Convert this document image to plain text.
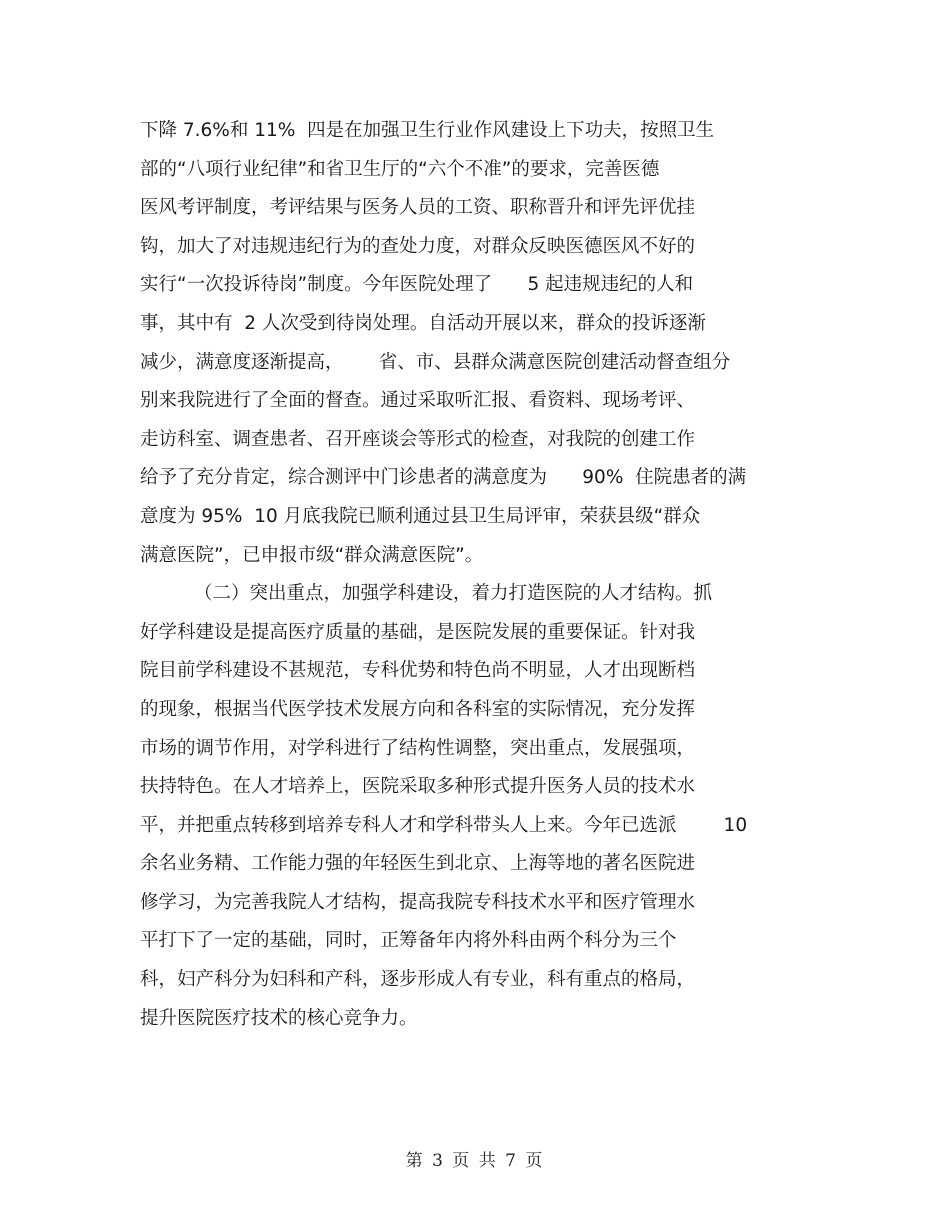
下降 7.6%和 11%  四是在加强卫生行业作风建设上下功夫，按照卫生
部的“八项行业纪律”和省卫生厅的“六个不准”的要求，完善医德
医风考评制度，考评结果与医务人员的工资、职称晋升和评先评优挂
钩，加大了对违规违纪行为的查处力度，对群众反映医德医风不好的
实行“一次投诉待岗”制度。今年医院处理了      5 起违规违纪的人和
事，其中有  2 人次受到待岗处理。自活动开展以来，群众的投诉逐渐
减少，满意度逐渐提高，      省、市、县群众满意医院创建活动督查组分
别来我院进行了全面的督查。通过采取听汇报、看资料、现场考评、
走访科室、调查患者、召开座谈会等形式的检查，对我院的创建工作
给予了充分肯定，综合测评中门诊患者的满意度为      90%  住院患者的满
意度为 95%  10 月底我院已顺利通过县卫生局评审，荣获县级“群众
满意医院”，已申报市级“群众满意医院”。
（二）突出重点，加强学科建设，着力打造医院的人才结构。抓
好学科建设是提高医疗质量的基础，是医院发展的重要保证。针对我
院目前学科建设不甚规范，专科优势和特色尚不明显，人才出现断档
的现象，根据当代医学技术发展方向和各科室的实际情况，充分发挥
市场的调节作用，对学科进行了结构性调整，突出重点，发展强项，
扶持特色。在人才培养上，医院采取多种形式提升医务人员的技术水
平，并把重点转移到培养专科人才和学科带头人上来。今年已选派        10
余名业务精、工作能力强的年轻医生到北京、上海等地的著名医院进
修学习，为完善我院人才结构，提高我院专科技术水平和医疗管理水
平打下了一定的基础，同时，正筹备年内将外科由两个科分为三个
科，妇产科分为妇科和产科，逐步形成人有专业，科有重点的格局，
提升医院医疗技术的核心竞争力。
第 3 页 共 7 页
